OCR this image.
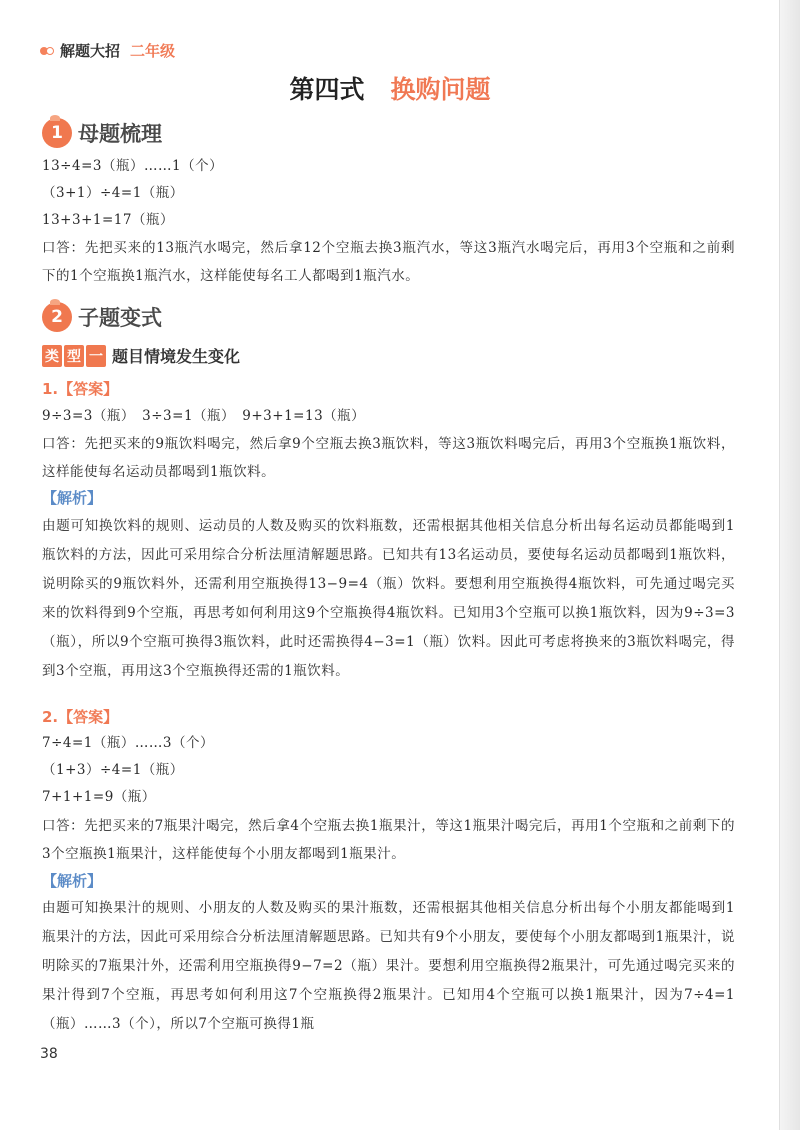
解题大招 二年级
第四式 换购问题
1 母题梳理
13÷4=3（瓶）……1（个）
（3+1）÷4=1（瓶）
13+3+1=17（瓶）
口答：先把买来的13瓶汽水喝完，然后拿12个空瓶去换3瓶汽水，等这3瓶汽水喝完后，再用3个空瓶和之前剩下的1个空瓶换1瓶汽水，这样能使每名工人都喝到1瓶汽水。
2 子题变式
类 型 一 题目情境发生变化
1.【答案】
9÷3=3（瓶）　3÷3=1（瓶）　9+3+1=13（瓶）
口答：先把买来的9瓶饮料喝完，然后拿9个空瓶去换3瓶饮料，等这3瓶饮料喝完后，再用3个空瓶换1瓶饮料，这样能使每名运动员都喝到1瓶饮料。
【解析】
由题可知换饮料的规则、运动员的人数及购买的饮料瓶数，还需根据其他相关信息分析出每名运动员都能喝到1瓶饮料的方法，因此可采用综合分析法厘清解题思路。已知共有13名运动员，要使每名运动员都喝到1瓶饮料，说明除买的9瓶饮料外，还需利用空瓶换得13−9=4（瓶）饮料。要想利用空瓶换得4瓶饮料，可先通过喝完买来的饮料得到9个空瓶，再思考如何利用这9个空瓶换得4瓶饮料。已知用3个空瓶可以换1瓶饮料，因为9÷3=3（瓶），所以9个空瓶可换得3瓶饮料，此时还需换得4−3=1（瓶）饮料。因此可考虑将换来的3瓶饮料喝完，得到3个空瓶，再用这3个空瓶换得还需的1瓶饮料。
2.【答案】
7÷4=1（瓶）……3（个）
（1+3）÷4=1（瓶）
7+1+1=9（瓶）
口答：先把买来的7瓶果汁喝完，然后拿4个空瓶去换1瓶果汁，等这1瓶果汁喝完后，再用1个空瓶和之前剩下的3个空瓶换1瓶果汁，这样能使每个小朋友都喝到1瓶果汁。
【解析】
由题可知换果汁的规则、小朋友的人数及购买的果汁瓶数，还需根据其他相关信息分析出每个小朋友都能喝到1瓶果汁的方法，因此可采用综合分析法厘清解题思路。已知共有9个小朋友，要使每个小朋友都喝到1瓶果汁，说明除买的7瓶果汁外，还需利用空瓶换得9−7=2（瓶）果汁。要想利用空瓶换得2瓶果汁，可先通过喝完买来的果汁得到7个空瓶，再思考如何利用这7个空瓶换得2瓶果汁。已知用4个空瓶可以换1瓶果汁，因为7÷4=1（瓶）……3（个），所以7个空瓶可换得1瓶
38
